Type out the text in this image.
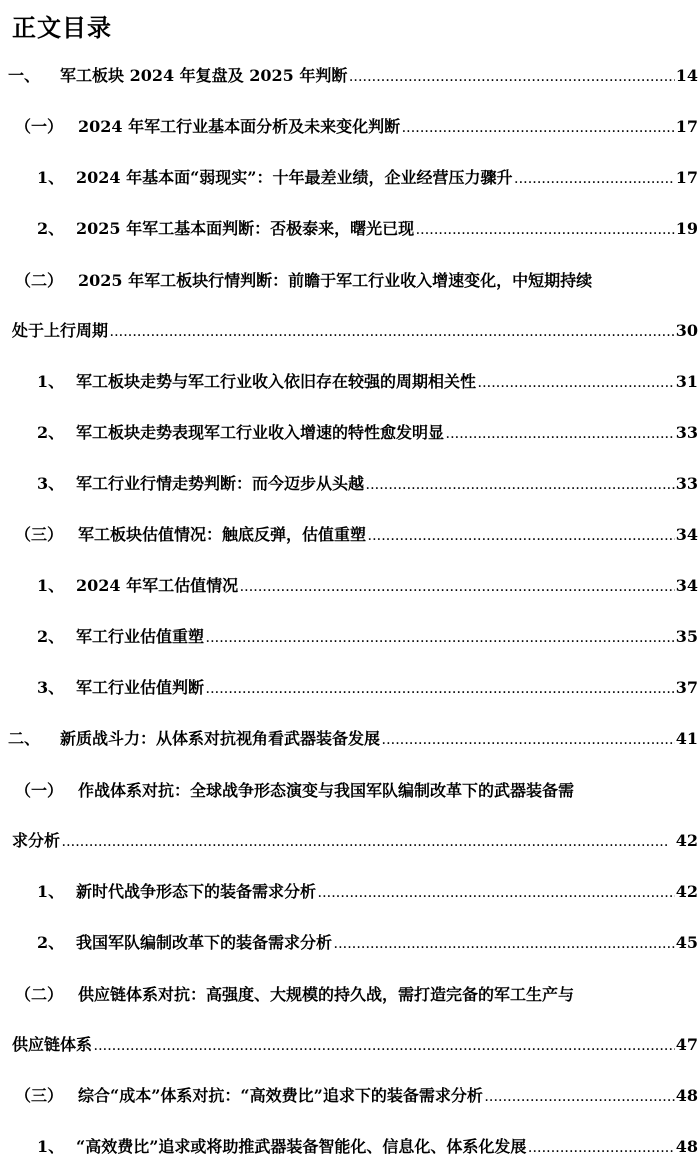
正文目录
一、	军工板块 2024 年复盘及 2025 年判断 . . .	14
（一） 2024 年军工行业基本面分析及未来变化判断 . . .	17
1、 2024 年基本面“弱现实”：十年最差业绩，企业经营压力骤升 . . .	17
2、 2025 年军工基本面判断：否极泰来，曙光已现 . . .	19
（二） 2025 年军工板块行情判断：前瞻于军工行业收入增速变化，中短期持续
处于上行周期 . . .	30
1、 军工板块走势与军工行业收入依旧存在较强的周期相关性 . . .	31
2、 军工板块走势表现军工行业收入增速的特性愈发明显 . . .	33
3、 军工行业行情走势判断：而今迈步从头越 . . .	33
（三） 军工板块估值情况：触底反弹，估值重塑 . . .	34
1、 2024 年军工估值情况 . . .	34
2、 军工行业估值重塑 . . .	35
3、 军工行业估值判断 . . .	37
二、	新质战斗力：从体系对抗视角看武器装备发展 . . .	41
（一） 作战体系对抗：全球战争形态演变与我国军队编制改革下的武器装备需
求分析 . . .	42
1、 新时代战争形态下的装备需求分析 . . .	42
2、 我国军队编制改革下的装备需求分析 . . .	45
（二） 供应链体系对抗：高强度、大规模的持久战，需打造完备的军工生产与
供应链体系 . . .	47
（三） 综合“成本”体系对抗：“高效费比”追求下的装备需求分析 . . .	48
1、 “高效费比”追求或将助推武器装备智能化、信息化、体系化发展 . . .	48
